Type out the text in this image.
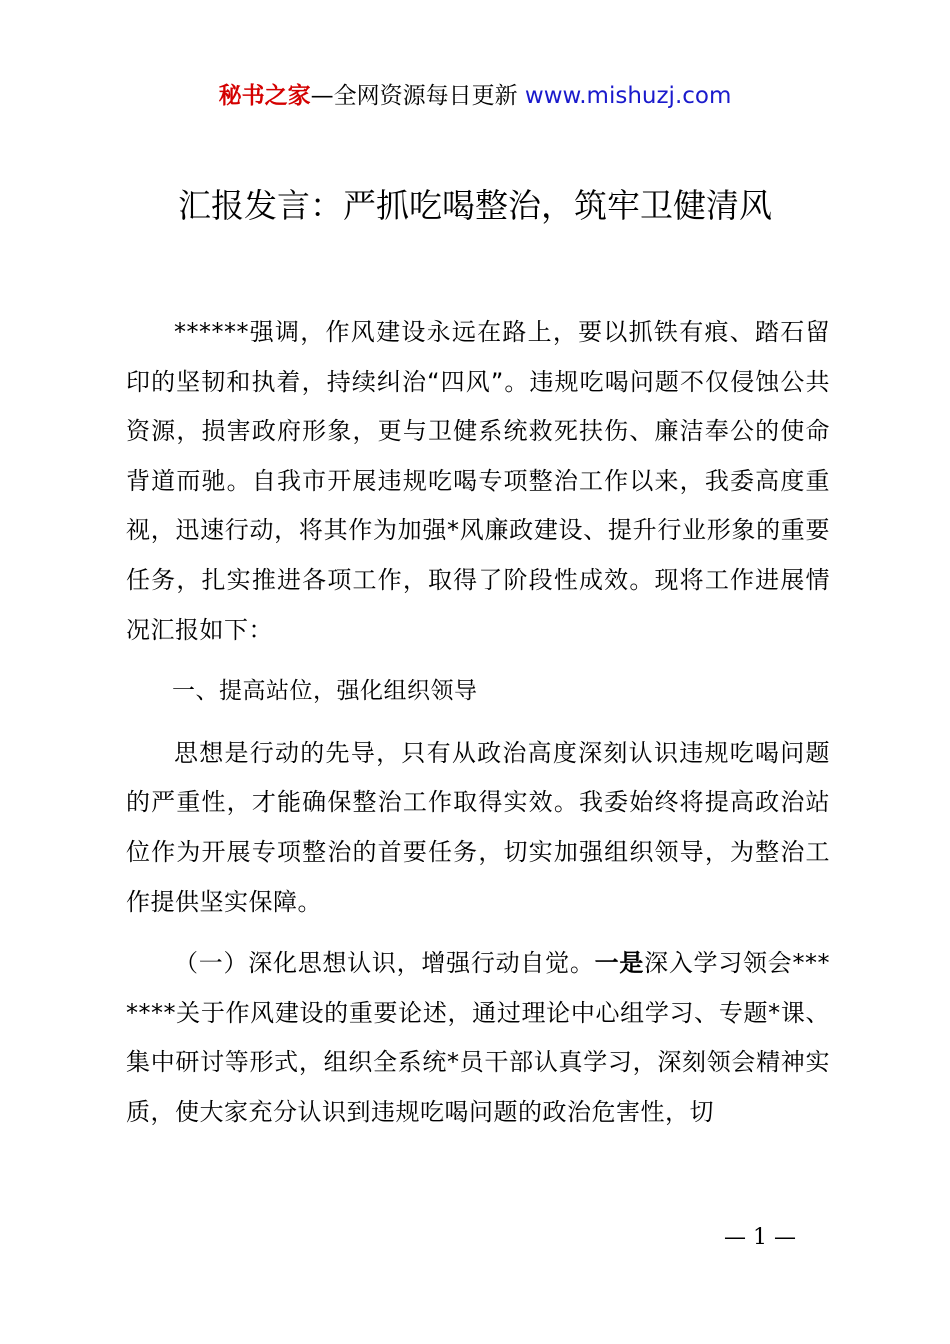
秘书之家—全网资源每日更新 www.mishuzj.com
汇报发言：严抓吃喝整治，筑牢卫健清风

******强调，作风建设永远在路上，要以抓铁有痕、踏石留印的坚韧和执着，持续纠治“四风”。违规吃喝问题不仅侵蚀公共资源，损害政府形象，更与卫健系统救死扶伤、廉洁奉公的使命背道而驰。自我市开展违规吃喝专项整治工作以来，我委高度重视，迅速行动，将其作为加强*风廉政建设、提升行业形象的重要任务，扎实推进各项工作，取得了阶段性成效。现将工作进展情况汇报如下：

一、提高站位，强化组织领导

思想是行动的先导，只有从政治高度深刻认识违规吃喝问题的严重性，才能确保整治工作取得实效。我委始终将提高政治站位作为开展专项整治的首要任务，切实加强组织领导，为整治工作提供坚实保障。

（一）深化思想认识，增强行动自觉。一是深入学习领会*******关于作风建设的重要论述，通过理论中心组学习、专题*课、集中研讨等形式，组织全系统*员干部认真学习，深刻领会精神实质，使大家充分认识到违规吃喝问题的政治危害性，切

— 1 —
